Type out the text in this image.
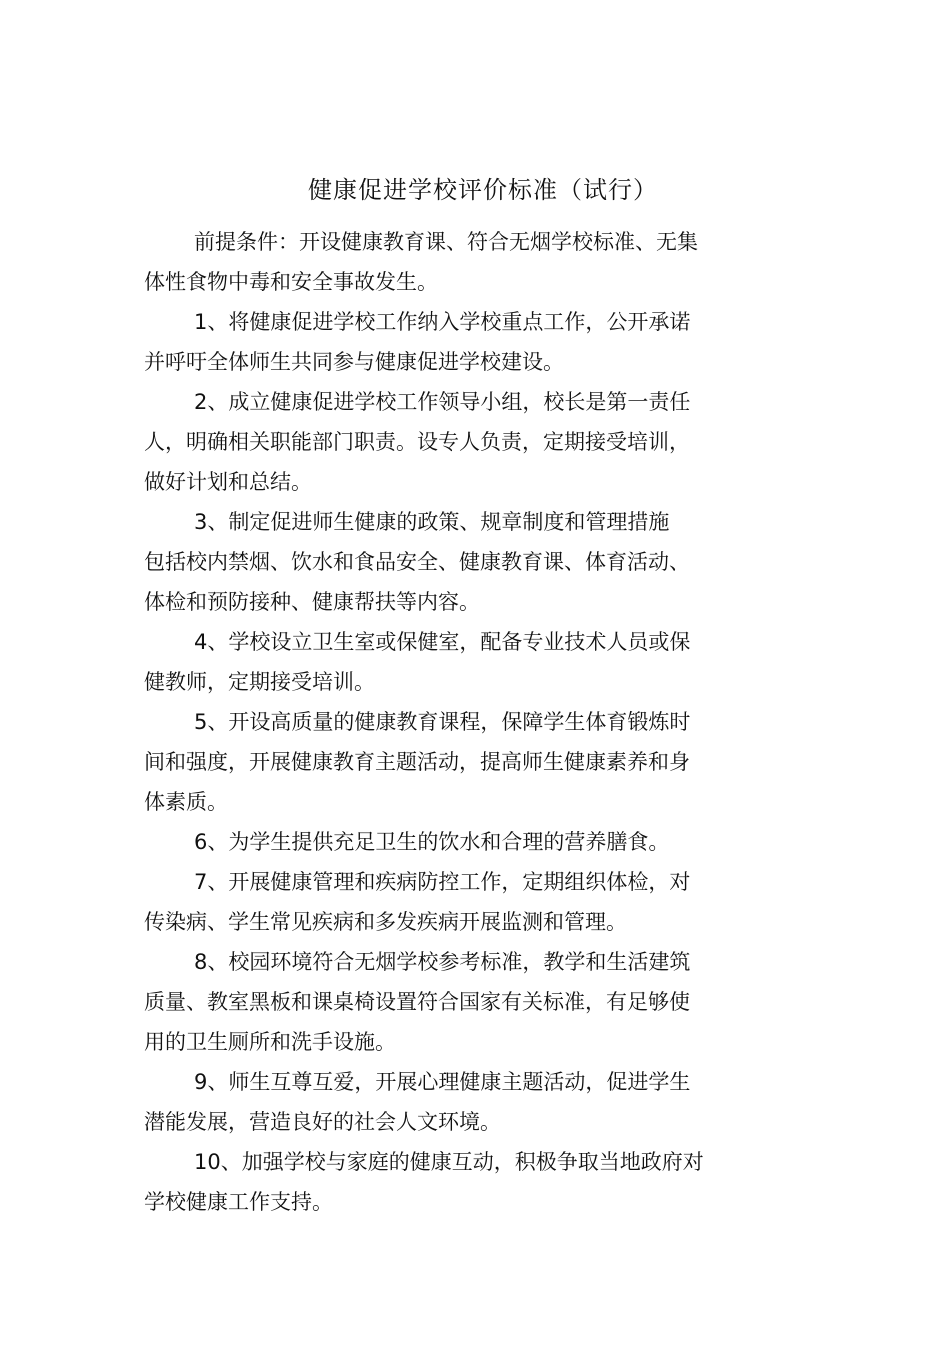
健康促进学校评价标准（试行）

前提条件：开设健康教育课、符合无烟学校标准、无集
体性食物中毒和安全事故发生。

1、将健康促进学校工作纳入学校重点工作，公开承诺
并呼吁全体师生共同参与健康促进学校建设。

2、成立健康促进学校工作领导小组，校长是第一责任
人，明确相关职能部门职责。设专人负责，定期接受培训，
做好计划和总结。

3、制定促进师生健康的政策、规章制度和管理措施
包括校内禁烟、饮水和食品安全、健康教育课、体育活动、
体检和预防接种、健康帮扶等内容。

4、学校设立卫生室或保健室，配备专业技术人员或保
健教师，定期接受培训。

5、开设高质量的健康教育课程，保障学生体育锻炼时
间和强度，开展健康教育主题活动，提高师生健康素养和身
体素质。

6、为学生提供充足卫生的饮水和合理的营养膳食。

7、开展健康管理和疾病防控工作，定期组织体检，对
传染病、学生常见疾病和多发疾病开展监测和管理。

8、校园环境符合无烟学校参考标准，教学和生活建筑
质量、教室黑板和课桌椅设置符合国家有关标准，有足够使
用的卫生厕所和洗手设施。

9、师生互尊互爱，开展心理健康主题活动，促进学生
潜能发展，营造良好的社会人文环境。

10、加强学校与家庭的健康互动，积极争取当地政府对
学校健康工作支持。
